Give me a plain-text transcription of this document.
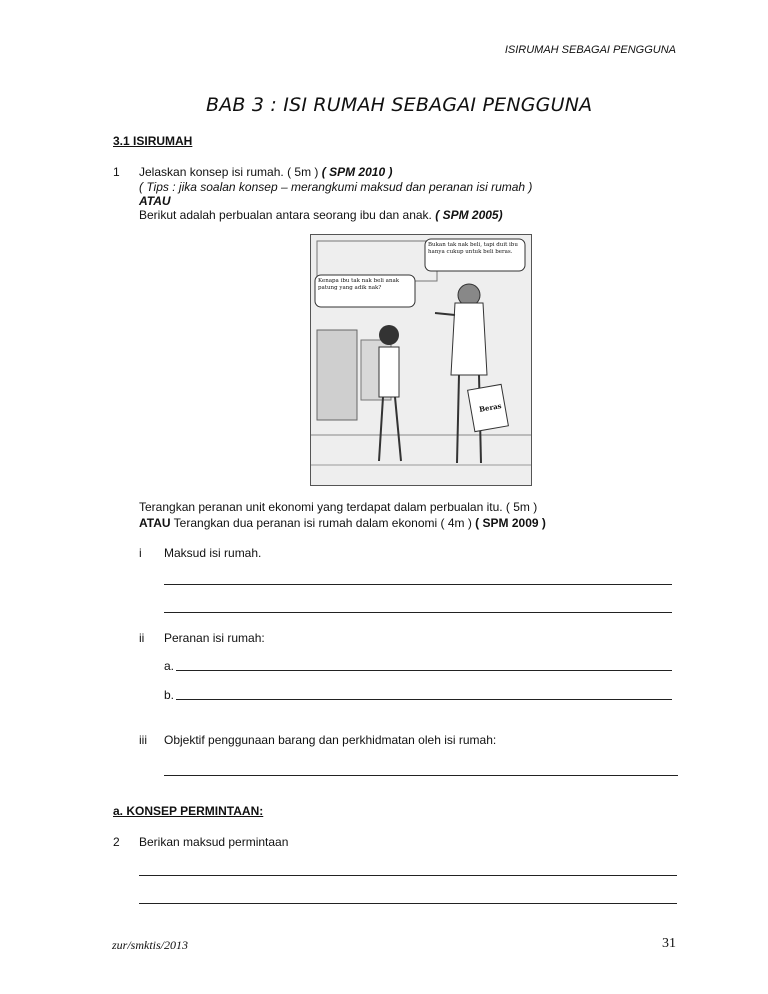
ISIRUMAH SEBAGAI PENGGUNA
BAB 3 : ISI RUMAH SEBAGAI PENGGUNA
3.1 ISIRUMAH
1 Jelaskan konsep isi rumah. ( 5m ) ( SPM 2010 )
( Tips : jika soalan konsep – merangkumi maksud dan peranan isi rumah )
ATAU
Berikut adalah perbualan antara seorang ibu dan anak. ( SPM 2005)
Kenapa ibu tak nak beli anak patung yang adik nak?
Bukan tak nak beli, tapi duit ibu hanya cukup untuk beli beras.
Beras
Terangkan peranan unit ekonomi yang terdapat dalam perbualan itu. ( 5m )
ATAU Terangkan dua peranan isi rumah dalam ekonomi ( 4m ) ( SPM 2009 )
i Maksud isi rumah.
ii Peranan isi rumah:
a.
b.
iii Objektif penggunaan barang dan perkhidmatan oleh isi rumah:
a. KONSEP PERMINTAAN:
2 Berikan maksud permintaan
zur/smktis/2013	31
